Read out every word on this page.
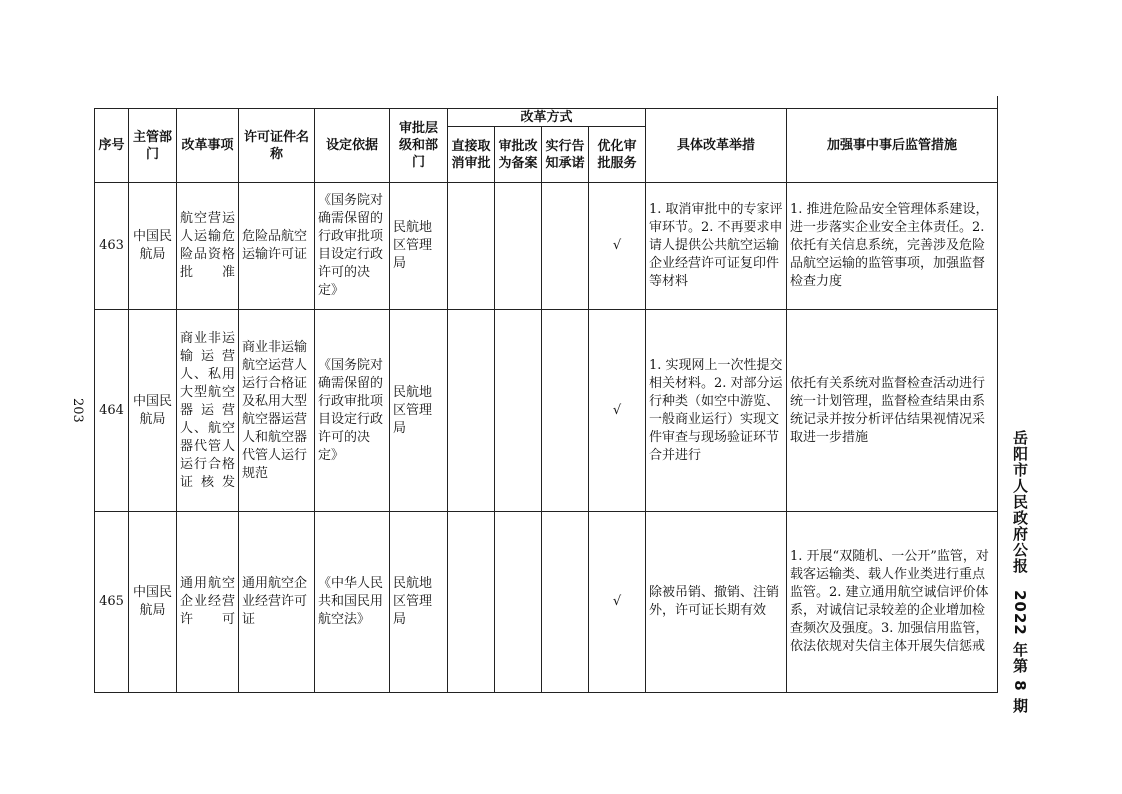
序号	主管部门	改革事项	许可证件名称	设定依据	审批层级和部门	改革方式				具体改革举措	加强事中事后监管措施
						直接取消审批	审批改为备案	实行告知承诺	优化审批服务		
463	中国民航局	航空营运人运输危险品资格批准	危险品航空运输许可证	《国务院对确需保留的行政审批项目设定行政许可的决定》	民航地区管理局				√	1. 取消审批中的专家评审环节。2. 不再要求申请人提供公共航空运输企业经营许可证复印件等材料	1. 推进危险品安全管理体系建设，进一步落实企业安全主体责任。2. 依托有关信息系统，完善涉及危险品航空运输的监管事项，加强监督检查力度
464	中国民航局	商业非运输运营人、私用大型航空器运营人、航空器代管人运行合格证核发	商业非运输航空运营人运行合格证及私用大型航空器运营人和航空器代管人运行规范	《国务院对确需保留的行政审批项目设定行政许可的决定》	民航地区管理局				√	1. 实现网上一次性提交相关材料。2. 对部分运行种类（如空中游览、一般商业运行）实现文件审查与现场验证环节合并进行	依托有关系统对监督检查活动进行统一计划管理，监督检查结果由系统记录并按分析评估结果视情况采取进一步措施
465	中国民航局	通用航空企业经营许可	通用航空企业经营许可证	《中华人民共和国民用航空法》	民航地区管理局				√	除被吊销、撤销、注销外，许可证长期有效	1. 开展“双随机、一公开”监管，对载客运输类、载人作业类进行重点监管。2. 建立通用航空诚信评价体系，对诚信记录较差的企业增加检查频次及强度。3. 加强信用监管，依法依规对失信主体开展失信惩戒
203
岳阳市人民政府公报　2022 年第 8 期
